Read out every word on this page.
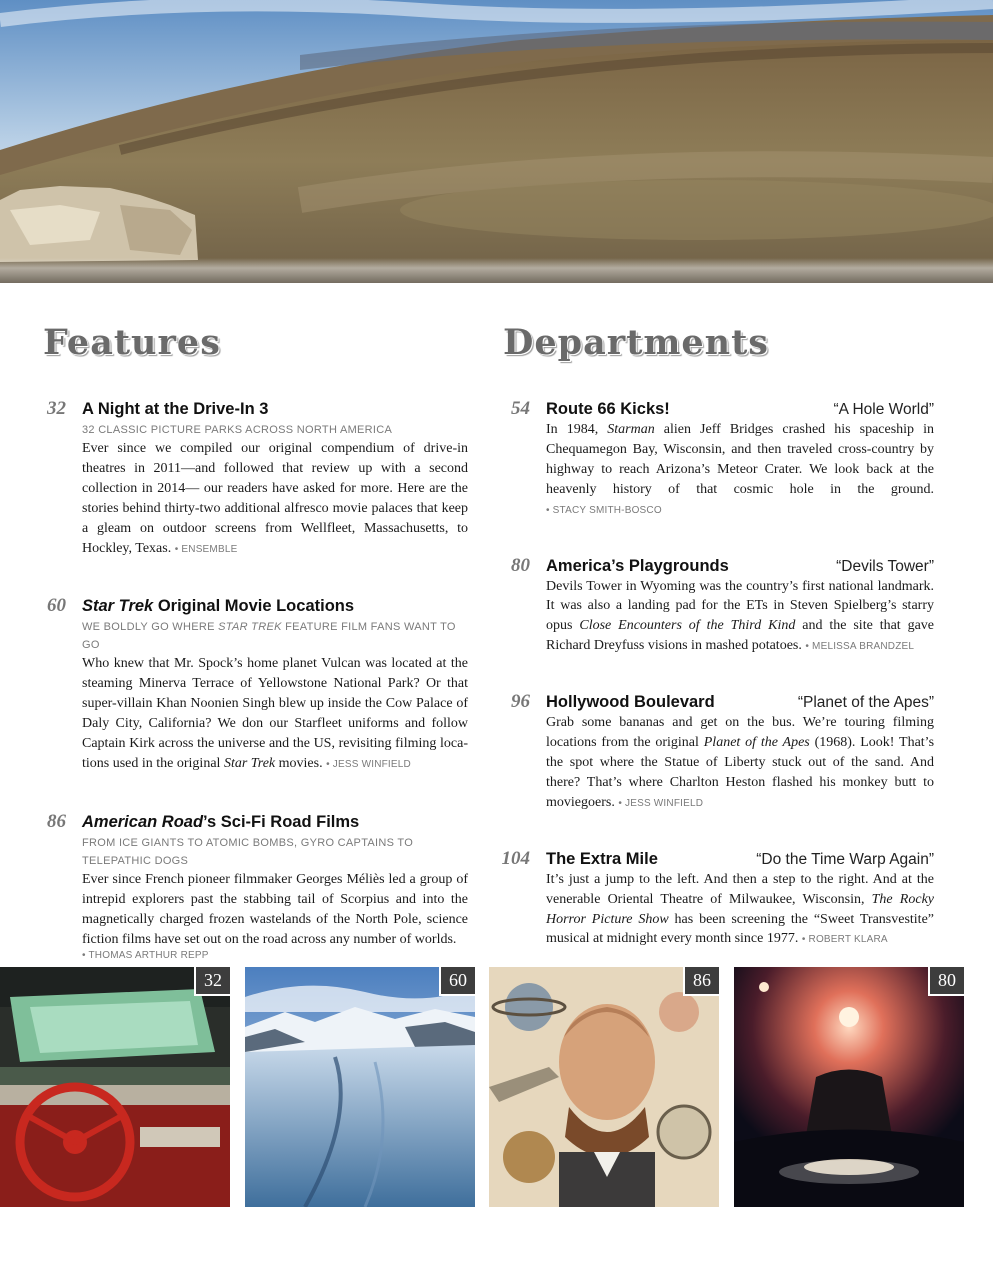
Features	Departments
32 A Night at the Drive-In 3
32 CLASSIC PICTURE PARKS ACROSS NORTH AMERICA

Ever since we compiled our original compendium of drive-in theatres in 2011—and followed that review up with a second collection in 2014— our readers have asked for more. Here are the stories behind thirty-two additional alfresco movie palaces that keep a gleam on outdoor screens from Wellfleet, Massachusetts, to Hockley, Texas. • ENSEMBLE

60 Star Trek Original Movie Locations
WE BOLDLY GO WHERE STAR TREK FEATURE FILM FANS WANT TO GO

Who knew that Mr. Spock’s home planet Vulcan was located at the steaming Minerva Terrace of Yellowstone National Park? Or that super-villain Khan Noonien Singh blew up inside the Cow Palace of Daly City, California? We don our Starfleet uniforms and follow Captain Kirk across the universe and the US, revisiting filming loca- tions used in the original Star Trek movies. • JESS WINFIELD

86 American Road’s Sci-Fi Road Films
FROM ICE GIANTS TO ATOMIC BOMBS, GYRO CAPTAINS TO TELEPATHIC DOGS

Ever since French pioneer filmmaker Georges Méliès led a group of intrepid explorers past the stabbing tail of Scorpius and into the magnetically charged frozen wastelands of the North Pole, science fiction films have set out on the road across any number of worlds.

• THOMAS ARTHUR REPP
54 Route 66 Kicks!	“A Hole World”

In 1984, Starman alien Jeff Bridges crashed his spaceship in Chequamegon Bay, Wisconsin, and then traveled cross-country by highway to reach Arizona’s Meteor Crater. We look back at the heavenly history of that cosmic hole in the ground. • STACY SMITH-BOSCO

80 America’s Playgrounds	“Devils Tower”

Devils Tower in Wyoming was the country’s first national landmark. It was also a landing pad for the ETs in Steven Spielberg’s starry opus Close Encounters of the Third Kind and the site that gave Richard Dreyfuss visions in mashed potatoes. • MELISSA BRANDZEL

96 Hollywood Boulevard	“Planet of the Apes”

Grab some bananas and get on the bus. We’re touring filming locations from the original Planet of the Apes (1968). Look! That’s the spot where the Statue of Liberty stuck out of the sand. And there? That’s where Charlton Heston flashed his monkey butt to moviegoers. • JESS WINFIELD

104 The Extra Mile	“Do the Time Warp Again”

It’s just a jump to the left. And then a step to the right. And at the venerable Oriental Theatre of Milwaukee, Wisconsin, The Rocky Horror Picture Show has been screening the “Sweet Transvestite” musical at midnight every month since 1977. • ROBERT KLARA

32	60	86	80
